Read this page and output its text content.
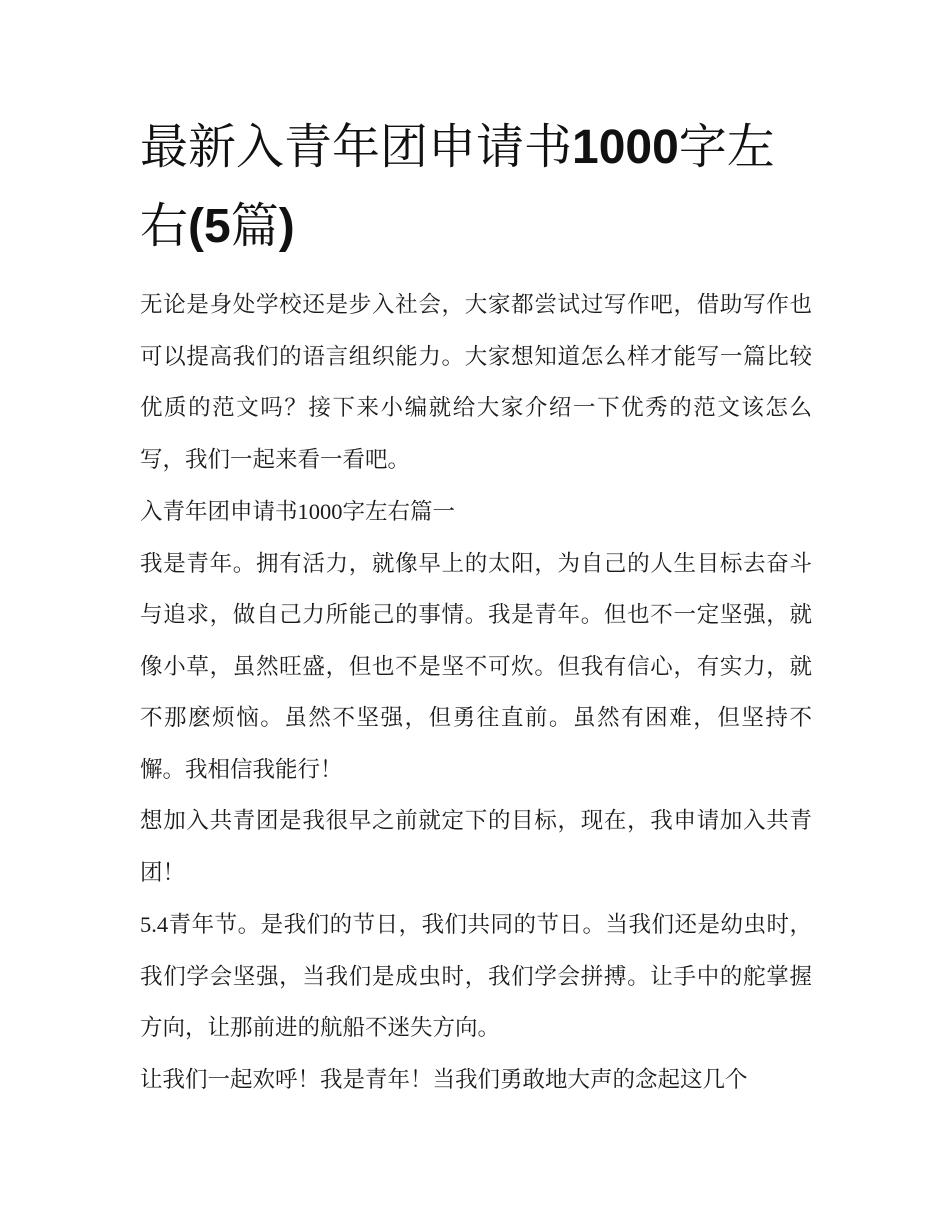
最新入青年团申请书1000字左右(5篇)

无论是身处学校还是步入社会，大家都尝试过写作吧，借助写作也可以提高我们的语言组织能力。大家想知道怎么样才能写一篇比较优质的范文吗？接下来小编就给大家介绍一下优秀的范文该怎么写，我们一起来看一看吧。

入青年团申请书1000字左右篇一

我是青年。拥有活力，就像早上的太阳，为自己的人生目标去奋斗与追求，做自己力所能己的事情。我是青年。但也不一定坚强，就像小草，虽然旺盛，但也不是坚不可炊。但我有信心，有实力，就不那麽烦恼。虽然不坚强，但勇往直前。虽然有困难，但坚持不懈。我相信我能行！

想加入共青团是我很早之前就定下的目标，现在，我申请加入共青团！

5.4青年节。是我们的节日，我们共同的节日。当我们还是幼虫时，我们学会坚强，当我们是成虫时，我们学会拼搏。让手中的舵掌握方向，让那前进的航船不迷失方向。

让我们一起欢呼！我是青年！当我们勇敢地大声的念起这几个
